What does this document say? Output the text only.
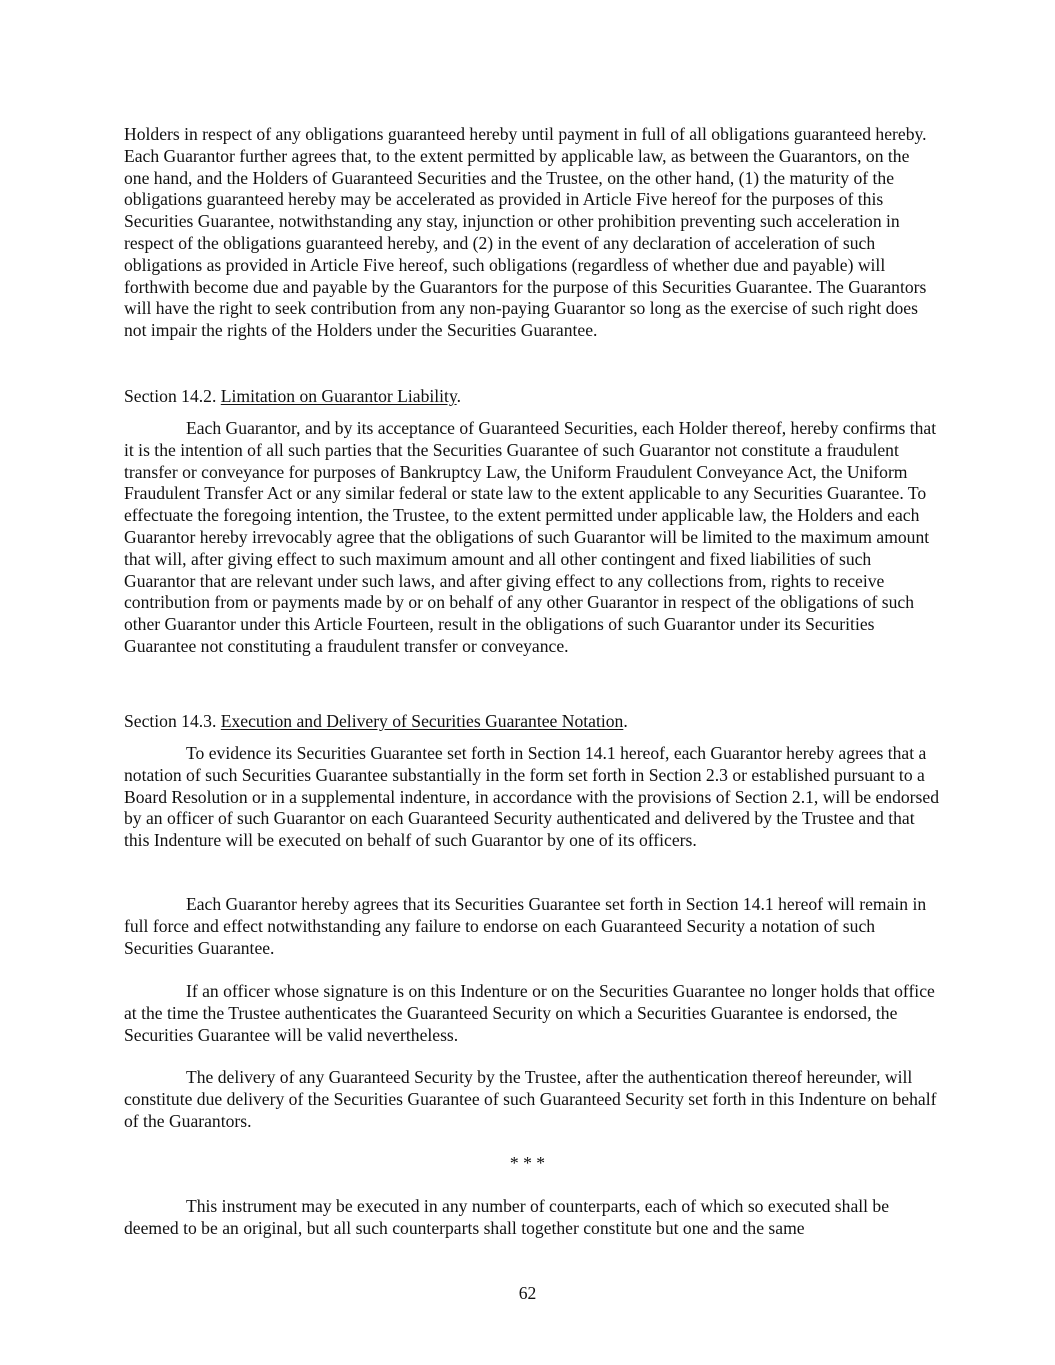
Holders in respect of any obligations guaranteed hereby until payment in full of all obligations guaranteed hereby. Each Guarantor further agrees that, to the extent permitted by applicable law, as between the Guarantors, on the one hand, and the Holders of Guaranteed Securities and the Trustee, on the other hand, (1) the maturity of the obligations guaranteed hereby may be accelerated as provided in Article Five hereof for the purposes of this Securities Guarantee, notwithstanding any stay, injunction or other prohibition preventing such acceleration in respect of the obligations guaranteed hereby, and (2) in the event of any declaration of acceleration of such obligations as provided in Article Five hereof, such obligations (regardless of whether due and payable) will forthwith become due and payable by the Guarantors for the purpose of this Securities Guarantee. The Guarantors will have the right to seek contribution from any non-paying Guarantor so long as the exercise of such right does not impair the rights of the Holders under the Securities Guarantee.

Section 14.2. Limitation on Guarantor Liability.

Each Guarantor, and by its acceptance of Guaranteed Securities, each Holder thereof, hereby confirms that it is the intention of all such parties that the Securities Guarantee of such Guarantor not constitute a fraudulent transfer or conveyance for purposes of Bankruptcy Law, the Uniform Fraudulent Conveyance Act, the Uniform Fraudulent Transfer Act or any similar federal or state law to the extent applicable to any Securities Guarantee. To effectuate the foregoing intention, the Trustee, to the extent permitted under applicable law, the Holders and each Guarantor hereby irrevocably agree that the obligations of such Guarantor will be limited to the maximum amount that will, after giving effect to such maximum amount and all other contingent and fixed liabilities of such Guarantor that are relevant under such laws, and after giving effect to any collections from, rights to receive contribution from or payments made by or on behalf of any other Guarantor in respect of the obligations of such other Guarantor under this Article Fourteen, result in the obligations of such Guarantor under its Securities Guarantee not constituting a fraudulent transfer or conveyance.

Section 14.3. Execution and Delivery of Securities Guarantee Notation.

To evidence its Securities Guarantee set forth in Section 14.1 hereof, each Guarantor hereby agrees that a notation of such Securities Guarantee substantially in the form set forth in Section 2.3 or established pursuant to a Board Resolution or in a supplemental indenture, in accordance with the provisions of Section 2.1, will be endorsed by an officer of such Guarantor on each Guaranteed Security authenticated and delivered by the Trustee and that this Indenture will be executed on behalf of such Guarantor by one of its officers.

Each Guarantor hereby agrees that its Securities Guarantee set forth in Section 14.1 hereof will remain in full force and effect notwithstanding any failure to endorse on each Guaranteed Security a notation of such Securities Guarantee.

If an officer whose signature is on this Indenture or on the Securities Guarantee no longer holds that office at the time the Trustee authenticates the Guaranteed Security on which a Securities Guarantee is endorsed, the Securities Guarantee will be valid nevertheless.

The delivery of any Guaranteed Security by the Trustee, after the authentication thereof hereunder, will constitute due delivery of the Securities Guarantee of such Guaranteed Security set forth in this Indenture on behalf of the Guarantors.

* * *

This instrument may be executed in any number of counterparts, each of which so executed shall be deemed to be an original, but all such counterparts shall together constitute but one and the same

62
